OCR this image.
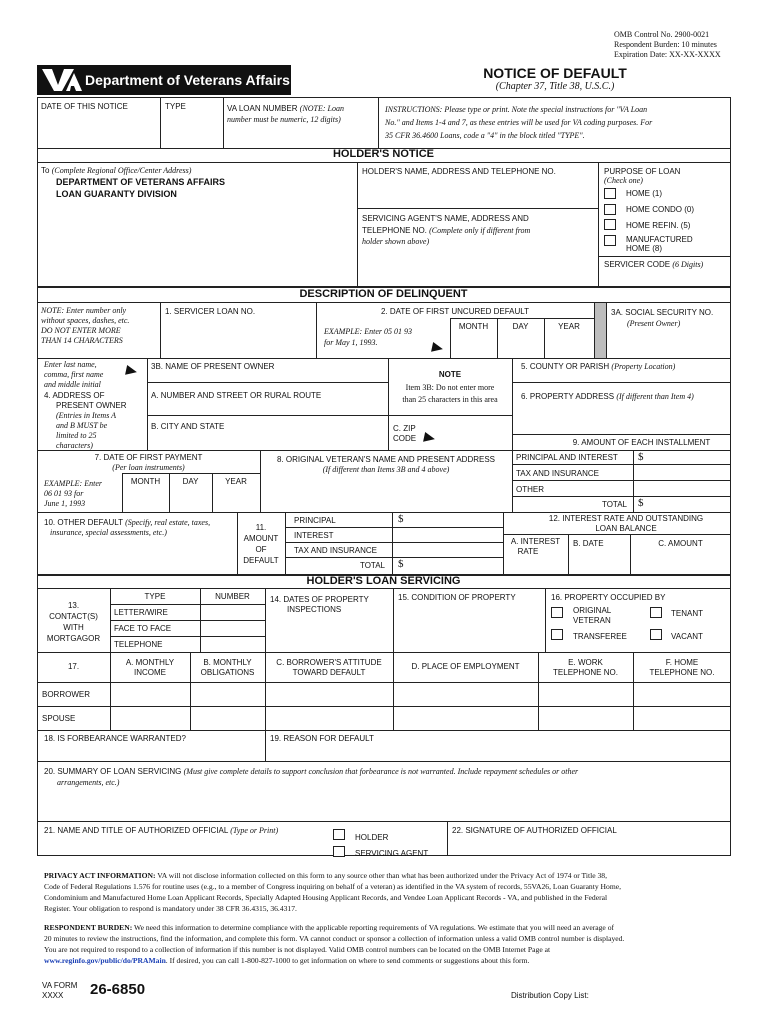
OMB Control No. 2900-0021
Respondent Burden: 10 minutes
Expiration Date: XX-XX-XXXX
Department of Veterans Affairs	NOTICE OF DEFAULT
(Chapter 37, Title 38, U.S.C.)
DATE OF THIS NOTICE	TYPE	VA LOAN NUMBER (NOTE: Loan
number must be numeric, 12 digits)
INSTRUCTIONS: Please type or print. Note the special instructions for "VA Loan
No." and Items 1-4 and 7, as these entries will be used for VA coding purposes. For
35 CFR 36.4600 Loans, code a "4" in the block titled "TYPE".
HOLDER'S NOTICE
To (Complete Regional Office/Center Address)
DEPARTMENT OF VETERANS AFFAIRS
LOAN GUARANTY DIVISION
HOLDER'S NAME, ADDRESS AND TELEPHONE NO.
SERVICING AGENT'S NAME, ADDRESS AND
TELEPHONE NO. (Complete only if different from
holder shown above)
PURPOSE OF LOAN
(Check one)
HOME (1)
HOME CONDO (0)
HOME REFIN. (5)
MANUFACTURED
HOME (8)
SERVICER CODE (6 Digits)
DESCRIPTION OF DELINQUENT
NOTE: Enter number only
without spaces, dashes, etc.
DO NOT ENTER MORE
THAN 14 CHARACTERS
1. SERVICER LOAN NO.	2. DATE OF FIRST UNCURED DEFAULT
MONTH	DAY	YEAR
EXAMPLE: Enter 05 01 93
for May 1, 1993.
3A. SOCIAL SECURITY NO.
(Present Owner)
Enter last name,
comma, first name
and middle initial
3B. NAME OF PRESENT OWNER
NOTE
Item 3B: Do not enter more
than 25 characters in this area
5. COUNTY OR PARISH (Property Location)
6. PROPERTY ADDRESS (If different than Item 4)
4. ADDRESS OF
PRESENT OWNER
(Entries in Items A
and B MUST be
limited to 25
characters)
A. NUMBER AND STREET OR RURAL ROUTE
B. CITY AND STATE	C. ZIP
CODE	9. AMOUNT OF EACH INSTALLMENT
7. DATE OF FIRST PAYMENT
(Per loan instruments)
MONTH	DAY	YEAR
EXAMPLE: Enter
06 01 93 for
June 1, 1993
8. ORIGINAL VETERAN'S NAME AND PRESENT ADDRESS
(If different than Items 3B and 4 above)
PRINCIPAL AND INTEREST $
TAX AND INSURANCE
OTHER
TOTAL $
10. OTHER DEFAULT (Specify, real estate, taxes,
insurance, special assessments, etc.)
11.
AMOUNT
OF
DEFAULT
PRINCIPAL	$
INTEREST
TAX AND INSURANCE
TOTAL $
12. INTEREST RATE AND OUTSTANDING
LOAN BALANCE
A. INTEREST
RATE
B. DATE	C. AMOUNT
HOLDER'S LOAN SERVICING
13.
CONTACT(S)
WITH
MORTGAGOR
TYPE	NUMBER
LETTER/WIRE
FACE TO FACE
TELEPHONE
14. DATES OF PROPERTY
INSPECTIONS
15. CONDITION OF PROPERTY	16. PROPERTY OCCUPIED BY
ORIGINAL
VETERAN
TENANT
TRANSFEREE	VACANT
17.	A. MONTHLY
INCOME
B. MONTHLY
OBLIGATIONS
C. BORROWER'S ATTITUDE
TOWARD DEFAULT
D. PLACE OF EMPLOYMENT	E. WORK
TELEPHONE NO.
F. HOME
TELEPHONE NO.
BORROWER
SPOUSE
18. IS FORBEARANCE WARRANTED?	19. REASON FOR DEFAULT
20. SUMMARY OF LOAN SERVICING (Must give complete details to support conclusion that forbearance is not warranted. Include repayment schedules or other
arrangements, etc.)
21. NAME AND TITLE OF AUTHORIZED OFFICIAL (Type or Print)
HOLDER
SERVICING AGENT
22. SIGNATURE OF AUTHORIZED OFFICIAL
PRIVACY ACT INFORMATION: VA will not disclose information collected on this form to any source other than what has been authorized under the Privacy Act of 1974 or Title 38,
Code of Federal Regulations 1.576 for routine uses (e.g., to a member of Congress inquiring on behalf of a veteran) as identified in the VA system of records, 55VA26, Loan Guaranty Home,
Condominium and Manufactured Home Loan Applicant Records, Specially Adapted Housing Applicant Records, and Vendee Loan Applicant Records - VA, and published in the Federal
Register. Your obligation to respond is mandatory under 38 CFR 36.4315, 36.4317.
RESPONDENT BURDEN: We need this information to determine compliance with the applicable reporting requirements of VA regulations. We estimate that you will need an average of
20 minutes to review the instructions, find the information, and complete this form. VA cannot conduct or sponsor a collection of information unless a valid OMB control number is displayed.
You are not required to respond to a collection of information if this number is not displayed. Valid OMB control numbers can be located on the OMB Internet Page at
www.reginfo.gov/public/do/PRAMain. If desired, you can call 1-800-827-1000 to get information on where to send comments or suggestions about this form.
VA FORM
XXXX 26-6850	Distribution Copy List:
